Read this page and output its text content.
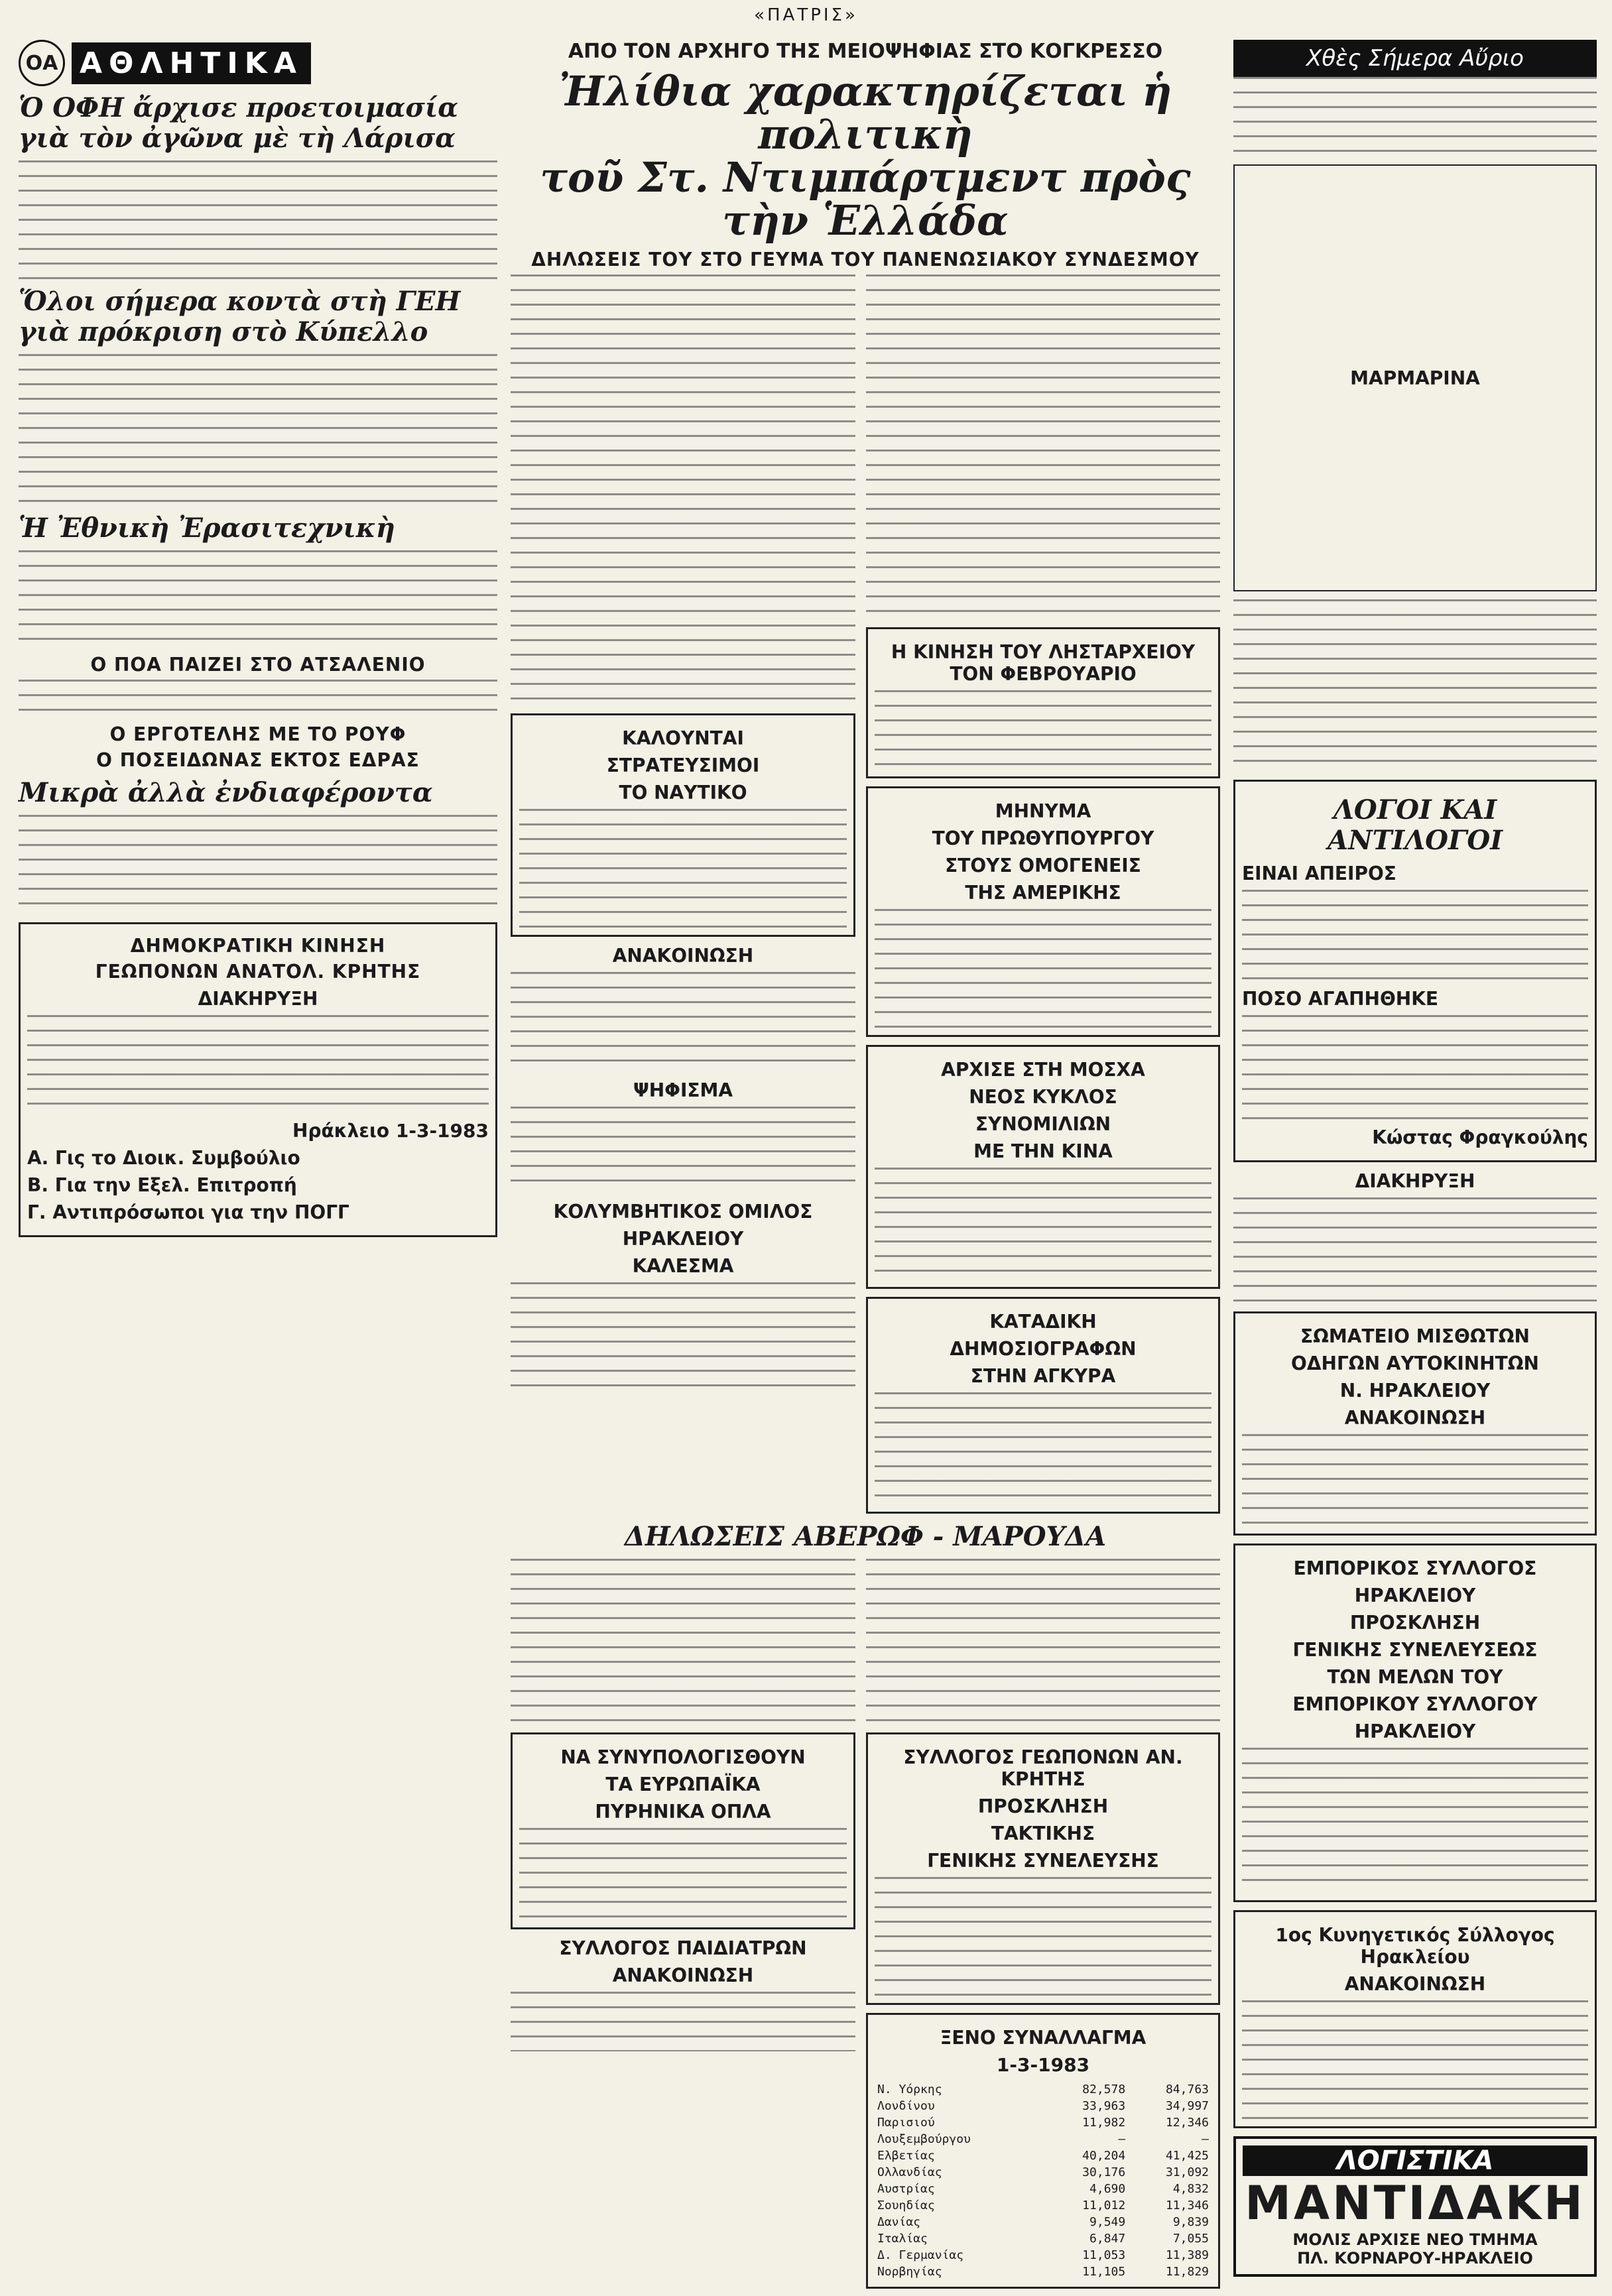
«ΠΑΤΡΙΣ»
ΟΑ ΑΘΛΗΤΙΚΑ
Ὁ ΟΦΗ ἄρχισε προετοιμασία
γιὰ τὸν ἀγῶνα μὲ τὴ Λάρισα
Ὅλοι σήμερα κοντὰ στὴ ΓΕΗ
γιὰ πρόκριση στὸ Κύπελλο
Ἡ Ἐθνικὴ Ἐρασιτεχνικὴ
Ο ΠΟΑ ΠΑΙΖΕΙ ΣΤΟ ΑΤΣΑΛΕΝΙΟ
Ο ΕΡΓΟΤΕΛΗΣ ΜΕ ΤΟ ΡΟΥΦ
Ο ΠΟΣΕΙΔΩΝΑΣ ΕΚΤΟΣ ΕΔΡΑΣ
Μικρὰ ἀλλὰ ἐνδιαφέροντα
ΔΗΜΟΚΡΑΤΙΚΗ ΚΙΝΗΣΗ
ΓΕΩΠΟΝΩΝ ΑΝΑΤΟΛ. ΚΡΗΤΗΣ
ΔΙΑΚΗΡΥΞΗ
Ηράκλειο 1-3-1983
Α. Γις το Διοικ. Συμβούλιο
Β. Για την Εξελ. Επιτροπή
Γ. Αντιπρόσωποι για την ΠΟΓΓ
ΑΠΟ ΤΟΝ ΑΡΧΗΓΟ ΤΗΣ ΜΕΙΟΨΗΦΙΑΣ ΣΤΟ ΚΟΓΚΡΕΣΣΟ
Ἠλίθια χαρακτηρίζεται ἡ πολιτικὴ
τοῦ Στ. Ντιμπάρτμεντ πρὸς τὴν Ἑλλάδα
ΔΗΛΩΣΕΙΣ ΤΟΥ ΣΤΟ ΓΕΥΜΑ ΤΟΥ ΠΑΝΕΝΩΣΙΑΚΟΥ ΣΥΝΔΕΣΜΟΥ
ΚΑΛΟΥΝΤΑΙ
ΣΤΡΑΤΕΥΣΙΜΟΙ
ΤΟ ΝΑΥΤΙΚΟ
ΑΝΑΚΟΙΝΩΣΗ
ΨΗΦΙΣΜΑ
ΚΟΛΥΜΒΗΤΙΚΟΣ ΟΜΙΛΟΣ
ΗΡΑΚΛΕΙΟΥ
ΚΑΛΕΣΜΑ
Η ΚΙΝΗΣΗ ΤΟΥ ΛΗΣΤΑΡΧΕΙΟΥ ΤΟΝ ΦΕΒΡΟΥΑΡΙΟ
ΜΗΝΥΜΑ
ΤΟΥ ΠΡΩΘΥΠΟΥΡΓΟΥ
ΣΤΟΥΣ ΟΜΟΓΕΝΕΙΣ
ΤΗΣ ΑΜΕΡΙΚΗΣ
ΑΡΧΙΣΕ ΣΤΗ ΜΟΣΧΑ
ΝΕΟΣ ΚΥΚΛΟΣ
ΣΥΝΟΜΙΛΙΩΝ
ΜΕ ΤΗΝ ΚΙΝΑ
ΚΑΤΑΔΙΚΗ
ΔΗΜΟΣΙΟΓΡΑΦΩΝ
ΣΤΗΝ ΑΓΚΥΡΑ
ΔΗΛΩΣΕΙΣ ΑΒΕΡΩΦ - ΜΑΡΟΥΔΑ
ΝΑ ΣΥΝΥΠΟΛΟΓΙΣΘΟΥΝ
ΤΑ ΕΥΡΩΠΑΪΚΑ
ΠΥΡΗΝΙΚΑ ΟΠΛΑ
ΣΥΛΛΟΓΟΣ ΠΑΙΔΙΑΤΡΩΝ
ΑΝΑΚΟΙΝΩΣΗ
ΣΥΛΛΟΓΟΣ ΓΕΩΠΟΝΩΝ ΑΝ. ΚΡΗΤΗΣ
ΠΡΟΣΚΛΗΣΗ
ΤΑΚΤΙΚΗΣ
ΓΕΝΙΚΗΣ ΣΥΝΕΛΕΥΣΗΣ
ΞΕΝΟ ΣΥΝΑΛΛΑΓΜΑ
1-3-1983
Ν. Υόρκης	82,578	84,763
Λονδίνου	33,963	34,997
Παρισιού	11,982	12,346
Λουξεμβούργου	—	—
Ελβετίας	40,204	41,425
Ολλανδίας	30,176	31,092
Αυστρίας	4,690	4,832
Σουηδίας	11,012	11,346
Δανίας	9,549	9,839
Ιταλίας	6,847	7,055
Δ. Γερμανίας	11,053	11,389
Νορβηγίας	11,105	11,829
Χθὲς Σήμερα Αὔριο
ΜΑΡΜΑΡΙΝΑ
ΛΟΓΟΙ ΚΑΙ ΑΝΤΙΛΟΓΟΙ
ΕΙΝΑΙ ΑΠΕΙΡΟΣ
ΠΟΣΟ ΑΓΑΠΗΘΗΚΕ
Κώστας Φραγκούλης
ΔΙΑΚΗΡΥΞΗ
ΣΩΜΑΤΕΙΟ ΜΙΣΘΩΤΩΝ
ΟΔΗΓΩΝ ΑΥΤΟΚΙΝΗΤΩΝ
Ν. ΗΡΑΚΛΕΙΟΥ
ΑΝΑΚΟΙΝΩΣΗ
ΕΜΠΟΡΙΚΟΣ ΣΥΛΛΟΓΟΣ
ΗΡΑΚΛΕΙΟΥ
ΠΡΟΣΚΛΗΣΗ
ΓΕΝΙΚΗΣ ΣΥΝΕΛΕΥΣΕΩΣ
ΤΩΝ ΜΕΛΩΝ ΤΟΥ
ΕΜΠΟΡΙΚΟΥ ΣΥΛΛΟΓΟΥ
ΗΡΑΚΛΕΙΟΥ
1ος Κυνηγετικός Σύλλογος Ηρακλείου
ΑΝΑΚΟΙΝΩΣΗ
ΛΟΓΙΣΤΙΚΑ
ΜΑΝΤΙΔΑΚΗ
ΜΟΛΙΣ ΑΡΧΙΣΕ ΝΕΟ ΤΜΗΜΑ
ΠΛ. ΚΟΡΝΑΡΟΥ-ΗΡΑΚΛΕΙΟ
